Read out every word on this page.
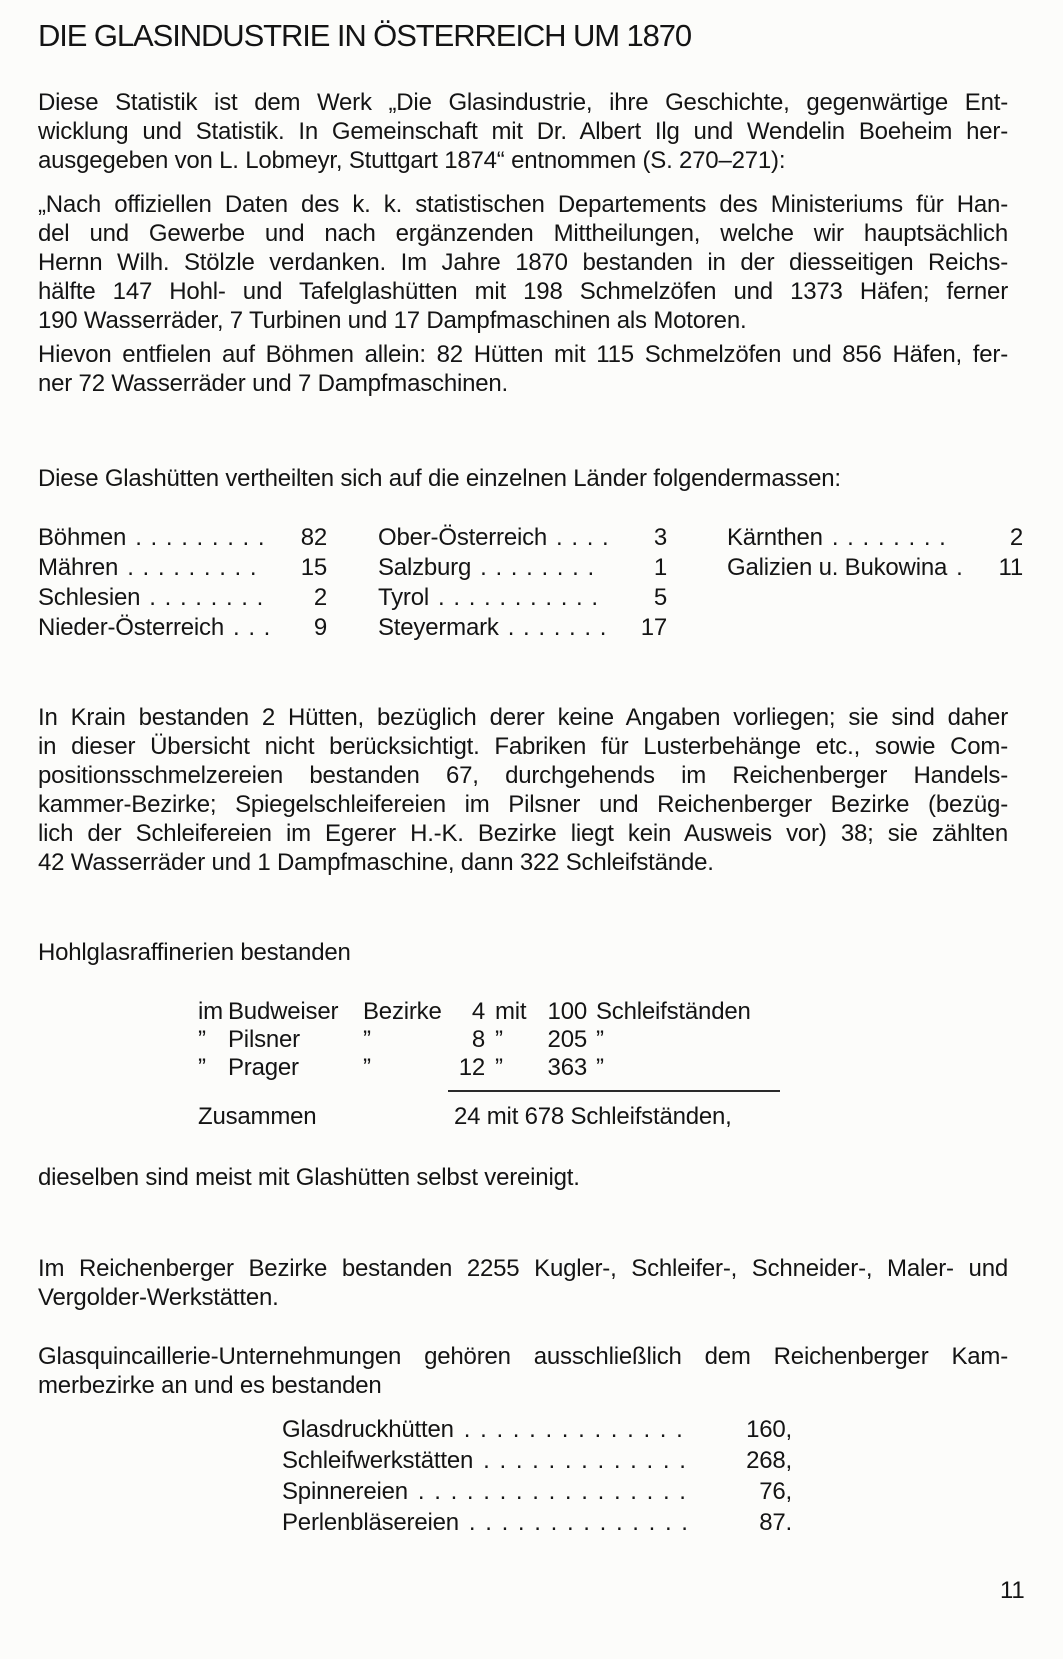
DIE GLASINDUSTRIE IN ÖSTERREICH UM 1870
Diese Statistik ist dem Werk „Die Glasindustrie, ihre Geschichte, gegenwärtige Ent-
wicklung und Statistik. In Gemeinschaft mit Dr. Albert Ilg und Wendelin Boeheim her-
ausgegeben von L. Lobmeyr, Stuttgart 1874“ entnommen (S. 270–271):
„Nach offiziellen Daten des k. k. statistischen Departements des Ministeriums für Han-
del und Gewerbe und nach ergänzenden Mittheilungen, welche wir hauptsächlich
Hernn Wilh. Stölzle verdanken. Im Jahre 1870 bestanden in der diesseitigen Reichs-
hälfte 147 Hohl- und Tafelglashütten mit 198 Schmelzöfen und 1373 Häfen; ferner
190 Wasserräder, 7 Turbinen und 17 Dampfmaschinen als Motoren.
Hievon entfielen auf Böhmen allein: 82 Hütten mit 115 Schmelzöfen und 856 Häfen, fer-
ner 72 Wasserräder und 7 Dampfmaschinen.
Diese Glashütten vertheilten sich auf die einzelnen Länder folgendermassen:
Böhmen . . . . . . . . . 82
Mähren . . . . . . . . . 15
Schlesien . . . . . . . . 2
Nieder-Österreich . . . 9
Ober-Österreich . . . . 3
Salzburg . . . . . . . . 1
Tyrol . . . . . . . . . . . 5
Steyermark . . . . . . . 17
Kärnthen . . . . . . . .	2
Galizien u. Bukowina . 11
In Krain bestanden 2 Hütten, bezüglich derer keine Angaben vorliegen; sie sind daher
in dieser Übersicht nicht berücksichtigt. Fabriken für Lusterbehänge etc., sowie Com-
positionsschmelzereien bestanden 67, durchgehends im Reichenberger Handels-
kammer-Bezirke; Spiegelschleifereien im Pilsner und Reichenberger Bezirke (bezüg-
lich der Schleifereien im Egerer H.-K. Bezirke liegt kein Ausweis vor) 38; sie zählten
42 Wasserräder und 1 Dampfmaschine, dann 322 Schleifstände.
Hohlglasraffinerien bestanden
im Budweiser	Bezirke	4 mit 100 Schleifständen
” Pilsner	”	8 ”	205 ”
” Prager	”	12 ”	363 ”
Zusammen	24 mit 678 Schleifständen,
dieselben sind meist mit Glashütten selbst vereinigt.
Im Reichenberger Bezirke bestanden 2255 Kugler-, Schleifer-, Schneider-, Maler- und
Vergolder-Werkstätten.
Glasquincaillerie-Unternehmungen gehören ausschließlich dem Reichenberger Kam-
merbezirke an und es bestanden
Glasdruckhütten . . . . . . . . . . . . . .	160,
Schleifwerkstätten . . . . . . . . . . . . .	268,
Spinnereien . . . . . . . . . . . . . . . . .	76,
Perlenbläsereien . . . . . . . . . . . . . .	87.
11
